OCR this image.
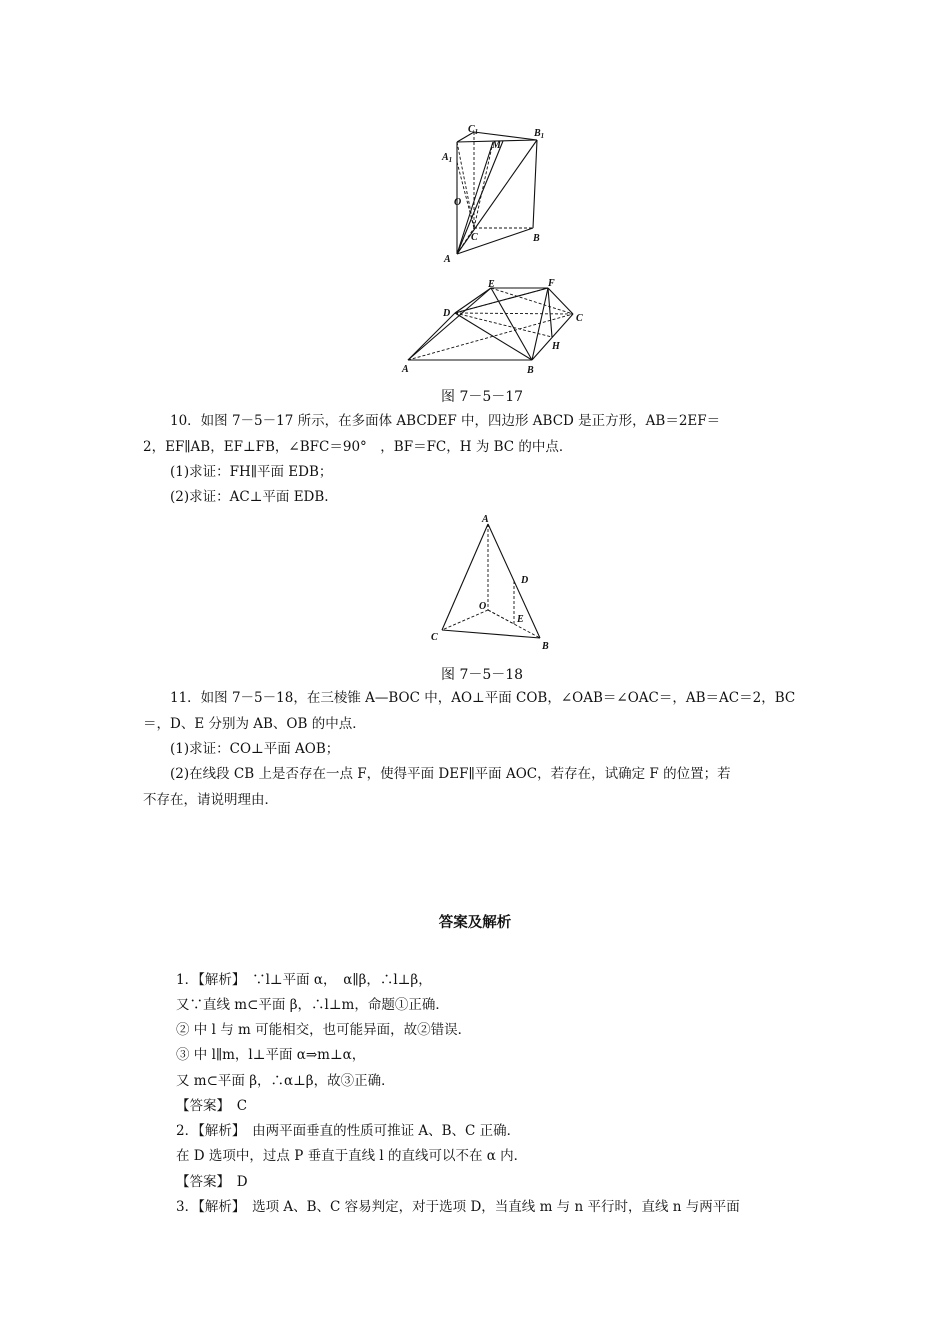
$C_1$	$B_1$
$A_1$
M
O
C	B
A
E	F
D	C
H
A	B
图 7－5－17
10．如图 7－5－17 所示，在多面体 ABCDEF 中，四边形 ABCD 是正方形，AB＝2EF＝
2，EF∥AB，EF⊥FB，∠BFC＝90°　，BF＝FC，H 为 BC 的中点．
(1)求证：FH∥平面 EDB；
(2)求证：AC⊥平面 EDB.
A
D
O
E
C
B
图 7－5－18
11．如图 7－5－18，在三棱锥 A—BOC 中，AO⊥平面 COB，∠OAB＝∠OAC＝，AB＝AC＝2，BC
＝，D、E 分别为 AB、OB 的中点．
(1)求证：CO⊥平面 AOB；
(2)在线段 CB 上是否存在一点 F，使得平面 DEF∥平面 AOC，若存在，试确定 F 的位置；若
不存在，请说明理由．
答案及解析
1．【解析】　∵l⊥平面 α，　α∥β，∴l⊥β，
又∵直线 m⊂平面 β，∴l⊥m，命题①正确．
② 中 l 与 m 可能相交，也可能异面，故②错误．
③ 中 l∥m，l⊥平面 α⇒m⊥α，
又 m⊂平面 β，∴α⊥β，故③正确．
【答案】　C
2．【解析】　由两平面垂直的性质可推证 A、B、C 正确．
在 D 选项中，过点 P 垂直于直线 l 的直线可以不在 α 内．
【答案】　D
3．【解析】　选项 A、B、C 容易判定，对于选项 D，当直线 m 与 n 平行时，直线 n 与两平面
